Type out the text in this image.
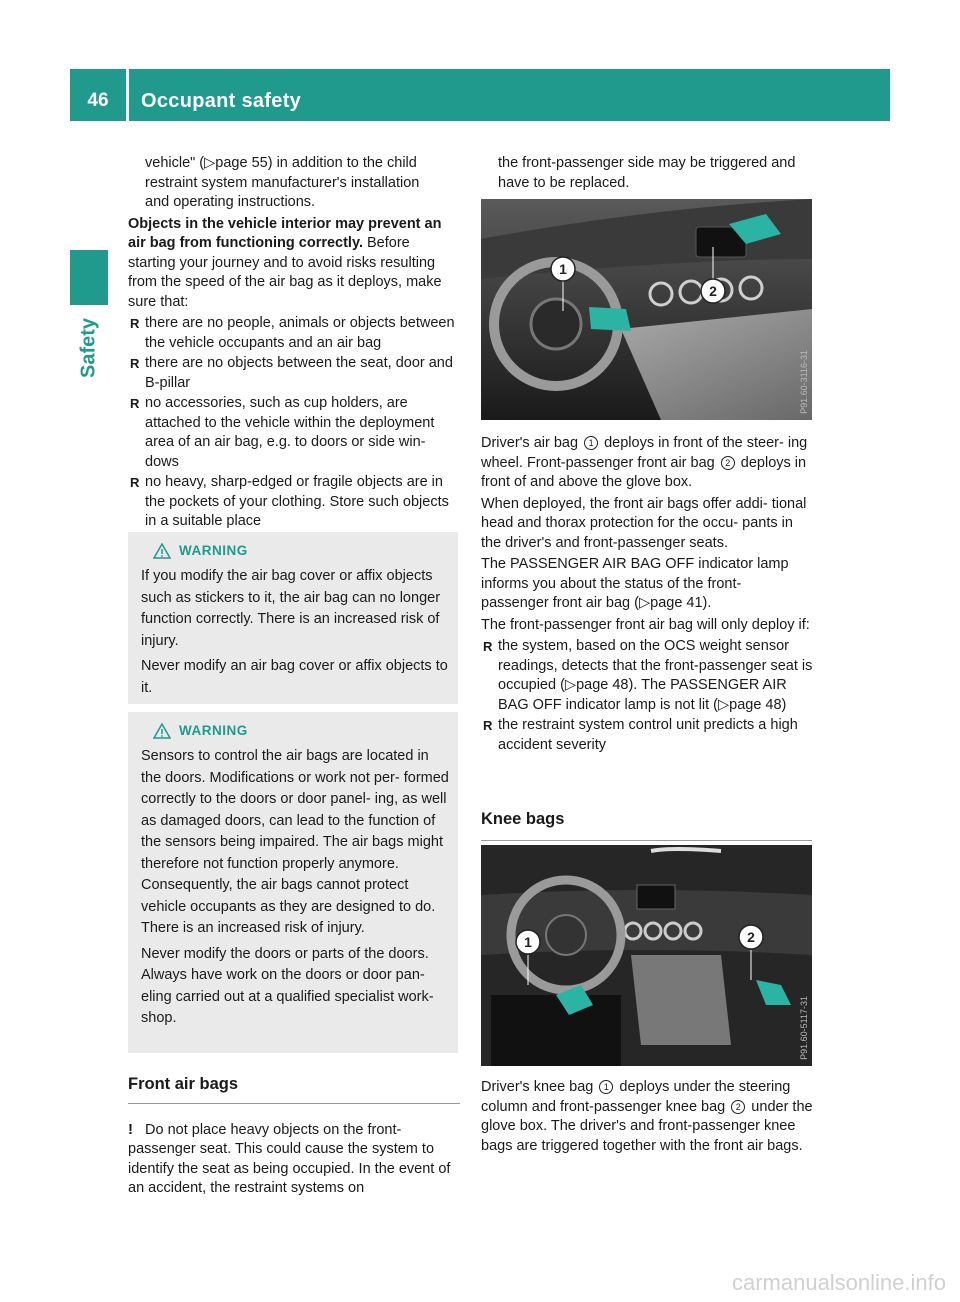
46	Occupant safety
Safety

vehicle" (▷page 55) in addition to the child
restraint system manufacturer's installation
and operating instructions.

Objects in the vehicle interior may prevent an air bag from functioning correctly. Before starting your journey and to avoid risks resulting from the speed of the air bag as it deploys, make sure that:

R there are no people, animals or objects between the vehicle occupants and an air bag
R there are no objects between the seat, door and B-pillar
R no accessories, such as cup holders, are attached to the vehicle within the deployment area of an air bag, e.g. to doors or side win- dows
R no heavy, sharp-edged or fragile objects are in the pockets of your clothing. Store such objects in a suitable place
WARNING

If you modify the air bag cover or affix objects such as stickers to it, the air bag can no longer function correctly. There is an increased risk of injury.

Never modify an air bag cover or affix objects to it.

WARNING

Sensors to control the air bags are located in the doors. Modifications or work not per- formed correctly to the doors or door panel- ing, as well as damaged doors, can lead to the function of the sensors being impaired. The air bags might therefore not function properly anymore. Consequently, the air bags cannot protect vehicle occupants as they are designed to do. There is an increased risk of injury.

Never modify the doors or parts of the doors. Always have work on the doors or door pan- eling carried out at a qualified specialist work- shop.

Front air bags

! Do not place heavy objects on the front- passenger seat. This could cause the system to identify the seat as being occupied. In the event of an accident, the restraint systems on

the front-passenger side may be triggered and have to be replaced.

1
2
P91.60-3116-31

Driver's air bag 1 deploys in front of the steer- ing wheel. Front-passenger front air bag 2 deploys in front of and above the glove box.

When deployed, the front air bags offer addi- tional head and thorax protection for the occu- pants in the driver's and front-passenger seats.

The PASSENGER AIR BAG OFF indicator lamp informs you about the status of the front- passenger front air bag (▷page 41).

The front-passenger front air bag will only deploy if:

R the system, based on the OCS weight sensor readings, detects that the front-passenger seat is occupied (▷page 48). The PASSENGER AIR BAG OFF indicator lamp is not lit (▷page 48)
R the restraint system control unit predicts a high accident severity

Knee bags

1	2
P91.60-5117-31

Driver's knee bag 1 deploys under the steering column and front-passenger knee bag 2 under the glove box. The driver's and front-passenger knee bags are triggered together with the front air bags.

carmanualsonline.info
